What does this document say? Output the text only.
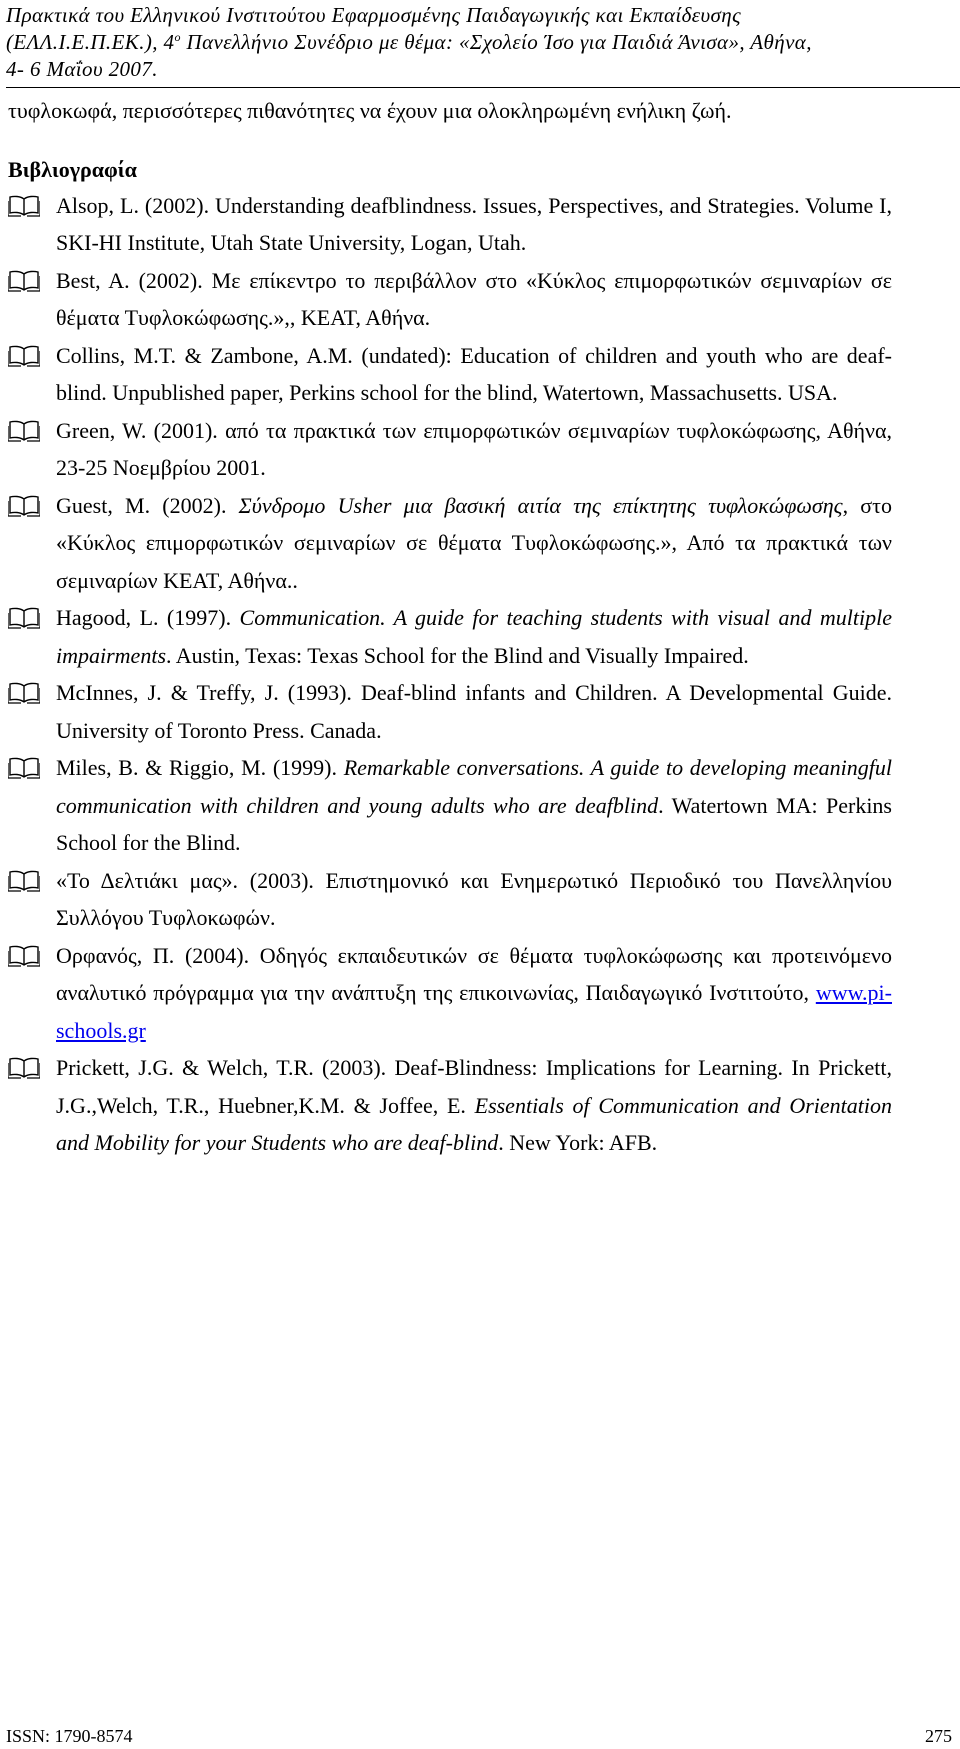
Πρακτικά του Ελληνικού Ινστιτούτου Εφαρμοσμένης Παιδαγωγικής και Εκπαίδευσης
(ΕΛΛ.Ι.Ε.Π.ΕΚ.), $4^o$ Πανελλήνιο Συνέδριο με θέμα: «Σχολείο Ίσο για Παιδιά Άνισα», Αθήνα,
4- 6 Μαΐου 2007.

τυφλοκωφά, περισσότερες πιθανότητες να έχουν μια ολοκληρωμένη ενήλικη ζωή.

Βιβλιογραφία
Alsop, L. (2002). Understanding deafblindness. Issues, Perspectives, and Strategies. Volume I, SKI-HI Institute, Utah State University, Logan, Utah.
Best, A. (2002). Με επίκεντρο το περιβάλλον στο «Κύκλος επιμορφωτικών σεμιναρίων σε θέματα Τυφλοκώφωσης.»,, ΚΕΑΤ, Αθήνα.
Collins, M.T. & Zambone, A.M. (undated): Education of children and youth who are deaf-blind. Unpublished paper, Perkins school for the blind, Watertown, Massachusetts. USA.
Green, W. (2001). από τα πρακτικά των επιμορφωτικών σεμιναρίων τυφλοκώφωσης, Αθήνα, 23-25 Νοεμβρίου 2001.
Guest, M. (2002). Σύνδρομο Usher μια βασική αιτία της επίκτητης τυφλοκώφωσης, στο «Κύκλος επιμορφωτικών σεμιναρίων σε θέματα Τυφλοκώφωσης.», Από τα πρακτικά των σεμιναρίων ΚΕΑΤ, Αθήνα..
Hagood, L. (1997). Communication. A guide for teaching students with visual and multiple impairments. Austin, Texas: Texas School for the Blind and Visually Impaired.
McInnes, J. & Treffy, J. (1993). Deaf-blind infants and Children. A Developmental Guide. University of Toronto Press. Canada.
Miles, B. & Riggio, M. (1999). Remarkable conversations. A guide to developing meaningful communication with children and young adults who are deafblind. Watertown MA: Perkins School for the Blind.
«Το Δελτιάκι μας». (2003). Επιστημονικό και Ενημερωτικό Περιοδικό του Πανελληνίου Συλλόγου Τυφλοκωφών.
Ορφανός, Π. (2004). Οδηγός εκπαιδευτικών σε θέματα τυφλοκώφωσης και προτεινόμενο αναλυτικό πρόγραμμα για την ανάπτυξη της επικοινωνίας, Παιδαγωγικό Ινστιτούτο, www.pi-schools.gr
Prickett, J.G. & Welch, T.R. (2003). Deaf-Blindness: Implications for Learning. In Prickett, J.G.,Welch, T.R., Huebner,K.M. & Joffee, E. Essentials of Communication and Orientation and Mobility for your Students who are deaf-blind. New York: AFB.
ISSN: 1790-8574	275
